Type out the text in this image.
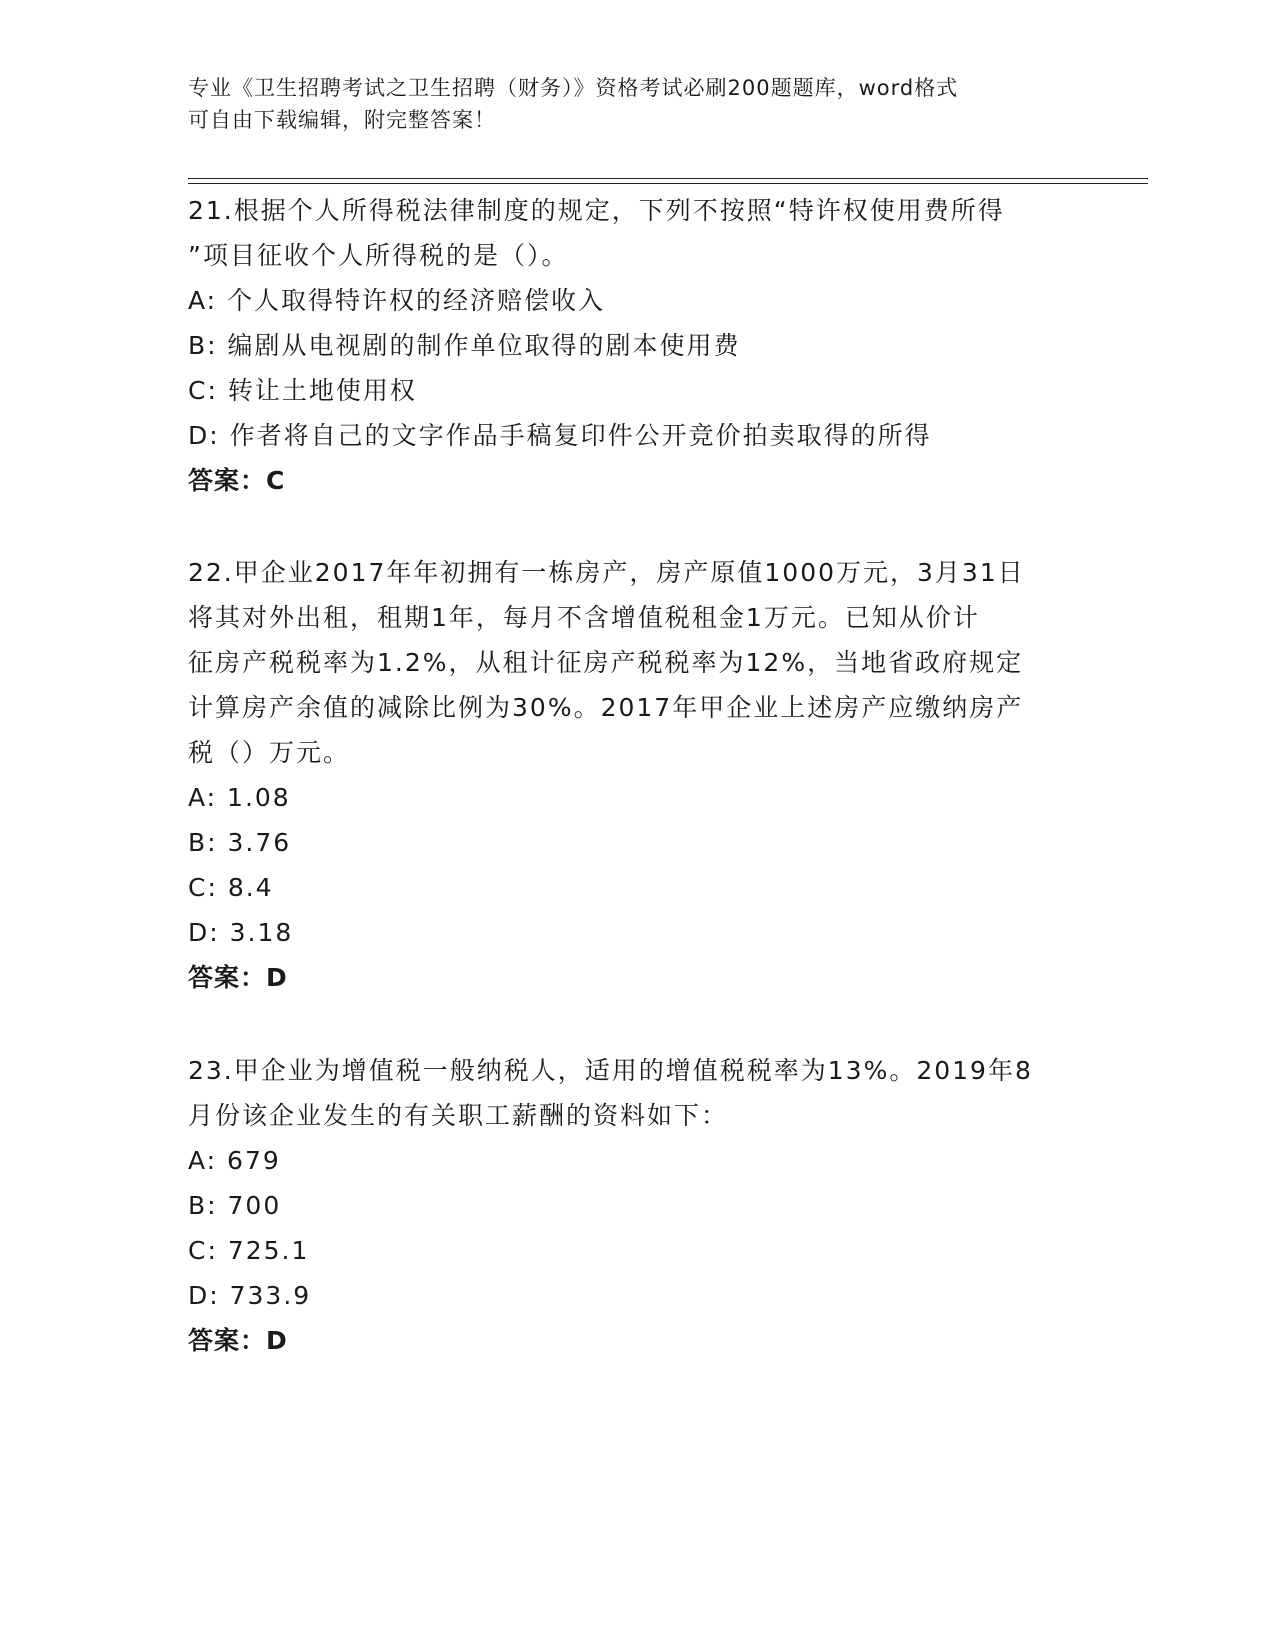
专业《卫生招聘考试之卫生招聘（财务）》资格考试必刷200题题库，word格式
可自由下载编辑，附完整答案！
21.根据个人所得税法律制度的规定，下列不按照“特许权使用费所得
”项目征收个人所得税的是（）。
A: 个人取得特许权的经济赔偿收入
B: 编剧从电视剧的制作单位取得的剧本使用费
C: 转让土地使用权
D: 作者将自己的文字作品手稿复印件公开竞价拍卖取得的所得
答案：C
22.甲企业2017年年初拥有一栋房产，房产原值1000万元，3月31日
将其对外出租，租期1年，每月不含增值税租金1万元。已知从价计
征房产税税率为1.2%，从租计征房产税税率为12%，当地省政府规定
计算房产余值的减除比例为30%。2017年甲企业上述房产应缴纳房产
税（）万元。
A: 1.08
B: 3.76
C: 8.4
D: 3.18
答案：D
23.甲企业为增值税一般纳税人，适用的增值税税率为13%。2019年8
月份该企业发生的有关职工薪酬的资料如下：
A: 679
B: 700
C: 725.1
D: 733.9
答案：D
